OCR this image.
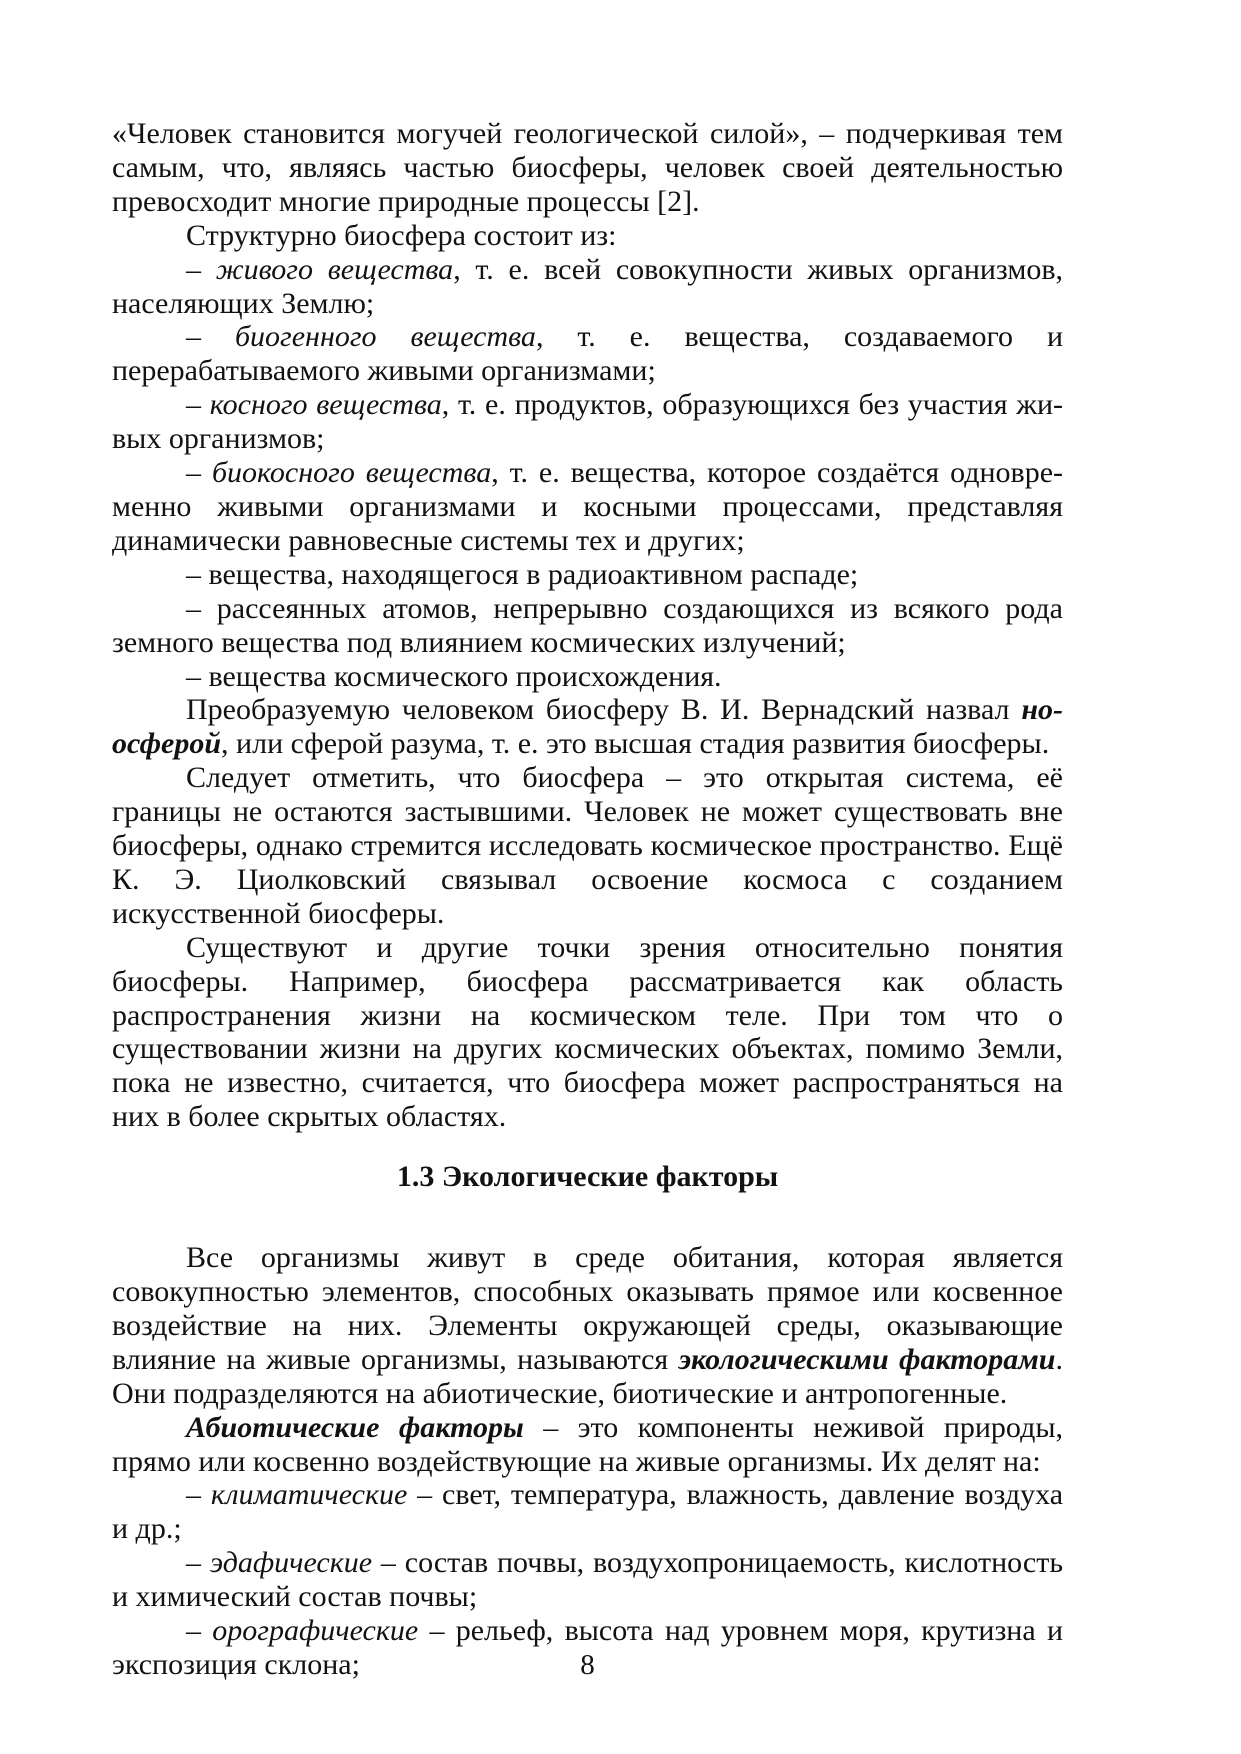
«Человек становится могучей геологической силой», – подчеркивая тем самым, что, являясь частью биосферы, человек своей деятельностью превосходит многие природные процессы [2].

Структурно биосфера состоит из:

– живого вещества, т. е. всей совокупности живых организмов, населяющих Землю;

– биогенного вещества, т. е. вещества, создаваемого и перерабатываемого живыми организмами;

– косного вещества, т. е. продуктов, образующихся без участия живых организмов;

– биокосного вещества, т. е. вещества, которое создаётся одновременно живыми организмами и косными процессами, представляя динамически равновесные системы тех и других;

– вещества, находящегося в радиоактивном распаде;

– рассеянных атомов, непрерывно создающихся из всякого рода земного вещества под влиянием космических излучений;

– вещества космического происхождения.

Преобразуемую человеком биосферу В. И. Вернадский назвал ноосферой, или сферой разума, т. е. это высшая стадия развития биосферы.

Следует отметить, что биосфера – это открытая система, её границы не остаются застывшими. Человек не может существовать вне биосферы, однако стремится исследовать космическое пространство. Ещё К. Э. Циолковский связывал освоение космоса с созданием искусственной биосферы.

Существуют и другие точки зрения относительно понятия биосферы. Например, биосфера рассматривается как область распространения жизни на космическом теле. При том что о существовании жизни на других космических объектах, помимо Земли, пока не известно, считается, что биосфера может распространяться на них в более скрытых областях.

1.3 Экологические факторы

Все организмы живут в среде обитания, которая является совокупностью элементов, способных оказывать прямое или косвенное воздействие на них. Элементы окружающей среды, оказывающие влияние на живые организмы, называются экологическими факторами. Они подразделяются на абиотические, биотические и антропогенные.

Абиотические факторы – это компоненты неживой природы, прямо или косвенно воздействующие на живые организмы. Их делят на:

– климатические – свет, температура, влажность, давление воздуха и др.;

– эдафические – состав почвы, воздухопроницаемость, кислотность и химический состав почвы;

– орографические – рельеф, высота над уровнем моря, крутизна и экспозиция склона;	8
